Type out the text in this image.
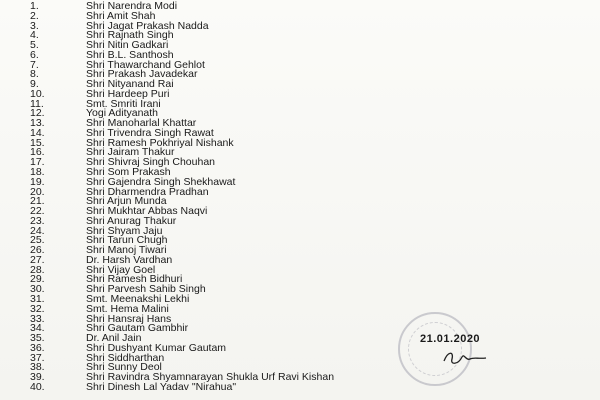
1.	Shri Narendra Modi
2.	Shri Amit Shah
3.	Shri Jagat Prakash Nadda
4.	Shri Rajnath Singh
5.	Shri Nitin Gadkari
6.	Shri B.L. Santhosh
7.	Shri Thawarchand Gehlot
8.	Shri Prakash Javadekar
9.	Shri Nityanand Rai
10.	Shri Hardeep Puri
11.	Smt. Smriti Irani
12.	Yogi Adityanath
13.	Shri Manoharlal Khattar
14.	Shri Trivendra Singh Rawat
15.	Shri Ramesh Pokhriyal Nishank
16.	Shri Jairam Thakur
17.	Shri Shivraj Singh Chouhan
18.	Shri Som Prakash
19.	Shri Gajendra Singh Shekhawat
20.	Shri Dharmendra Pradhan
21.	Shri Arjun Munda
22.	Shri Mukhtar Abbas Naqvi
23.	Shri Anurag Thakur
24.	Shri Shyam Jaju
25.	Shri Tarun Chugh
26.	Shri Manoj Tiwari
27.	Dr. Harsh Vardhan
28.	Shri Vijay Goel
29.	Shri Ramesh Bidhuri
30.	Shri Parvesh Sahib Singh
31.	Smt. Meenakshi Lekhi
32.	Smt. Hema Malini
33.	Shri Hansraj Hans
34.	Shri Gautam Gambhir
35.	Dr. Anil Jain
36.	Shri Dushyant Kumar Gautam
37.	Shri Siddharthan
38.	Shri Sunny Deol
39.	Shri Ravindra Shyamnarayan Shukla Urf Ravi Kishan
40.	Shri Dinesh Lal Yadav "Nirahua"
21.01.2020
